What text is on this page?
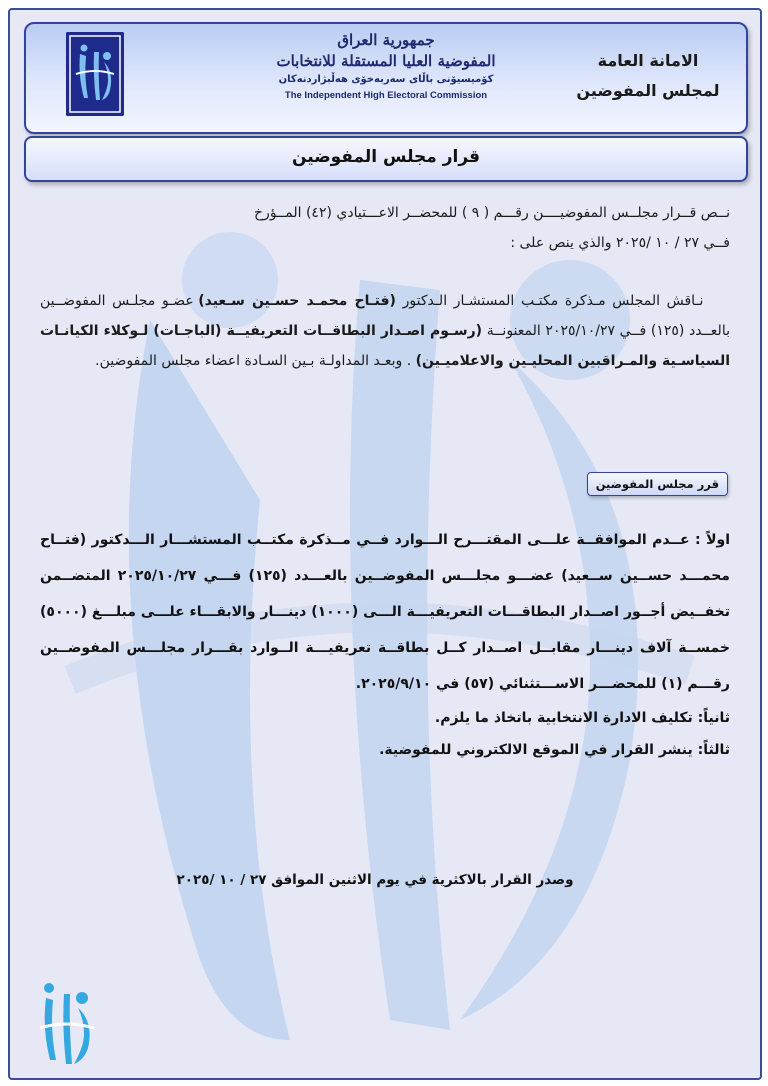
جمهورية العراق
المفوضية العليا المستقلة للانتخابات
کۆمیسیۆنی باڵای سەربەخۆی هەڵبژاردنەکان
The Independent High Electoral Commission
الامانة العامة
لمجلس المفوضين
قرار مجلس المفوضين

نــص قــرار مجلــس المفوضيــــن رقـــم ( ٩ ) للمحضــر الاعـــتيادي (٤٢) المــؤرخ

فــي ٢٧ / ١٠ /٢٠٢٥ والذي ينص على :

نـاقش المجلس مـذكرة مكتـب المستشـار الـدكتور (فتـاح محمـد حسـين سـعيد) عضـو مجلـس المفوضــين بالعــدد (١٢٥) فــي ٢٠٢٥/١٠/٢٧ المعنونــة (رسـوم اصـدار البطاقــات التعريفيــة (الباجـات) لـوكلاء الكيانـات السياسـية والمـراقبين المحليـين والاعلاميـين) . وبعـد المداولـة بـين السـادة اعضاء مجلس المفوضين.

قرر مجلس المفوضين

اولاً : عــدم الموافقــة علـــى المقتـــرح الـــوارد فــي مــذكرة مكتــب المستشـــار الـــدكتور (فتــاح محمـــد حســين ســعيد) عضـــو مجلـــس المفوضــين بالعـــدد (١٢٥) فـــي ٢٠٢٥/١٠/٢٧ المتضــمن تخفــيض أجــور اصــدار البطاقـــات التعريفيـــة الـــى (١٠٠٠) دينـــار والابقـــاء علـــى مبلـــغ (٥٠٠٠) خمســة آلاف دينـــار مقابــل اصــدار كــل بطاقــة تعريفيـــة الــوارد بقـــرار مجلـــس المفوضــين رقـــم (١) للمحضـــر الاســـتثنائي (٥٧) في ٢٠٢٥/٩/١٠.

ثانياً: تكليف الادارة الانتخابية باتخاذ ما يلزم.

ثالثاً: ينشر القرار في الموقع الالكتروني للمفوضية.

وصدر القرار بالاكثرية في يوم الاثنين الموافق ٢٧ / ١٠ /٢٠٢٥
